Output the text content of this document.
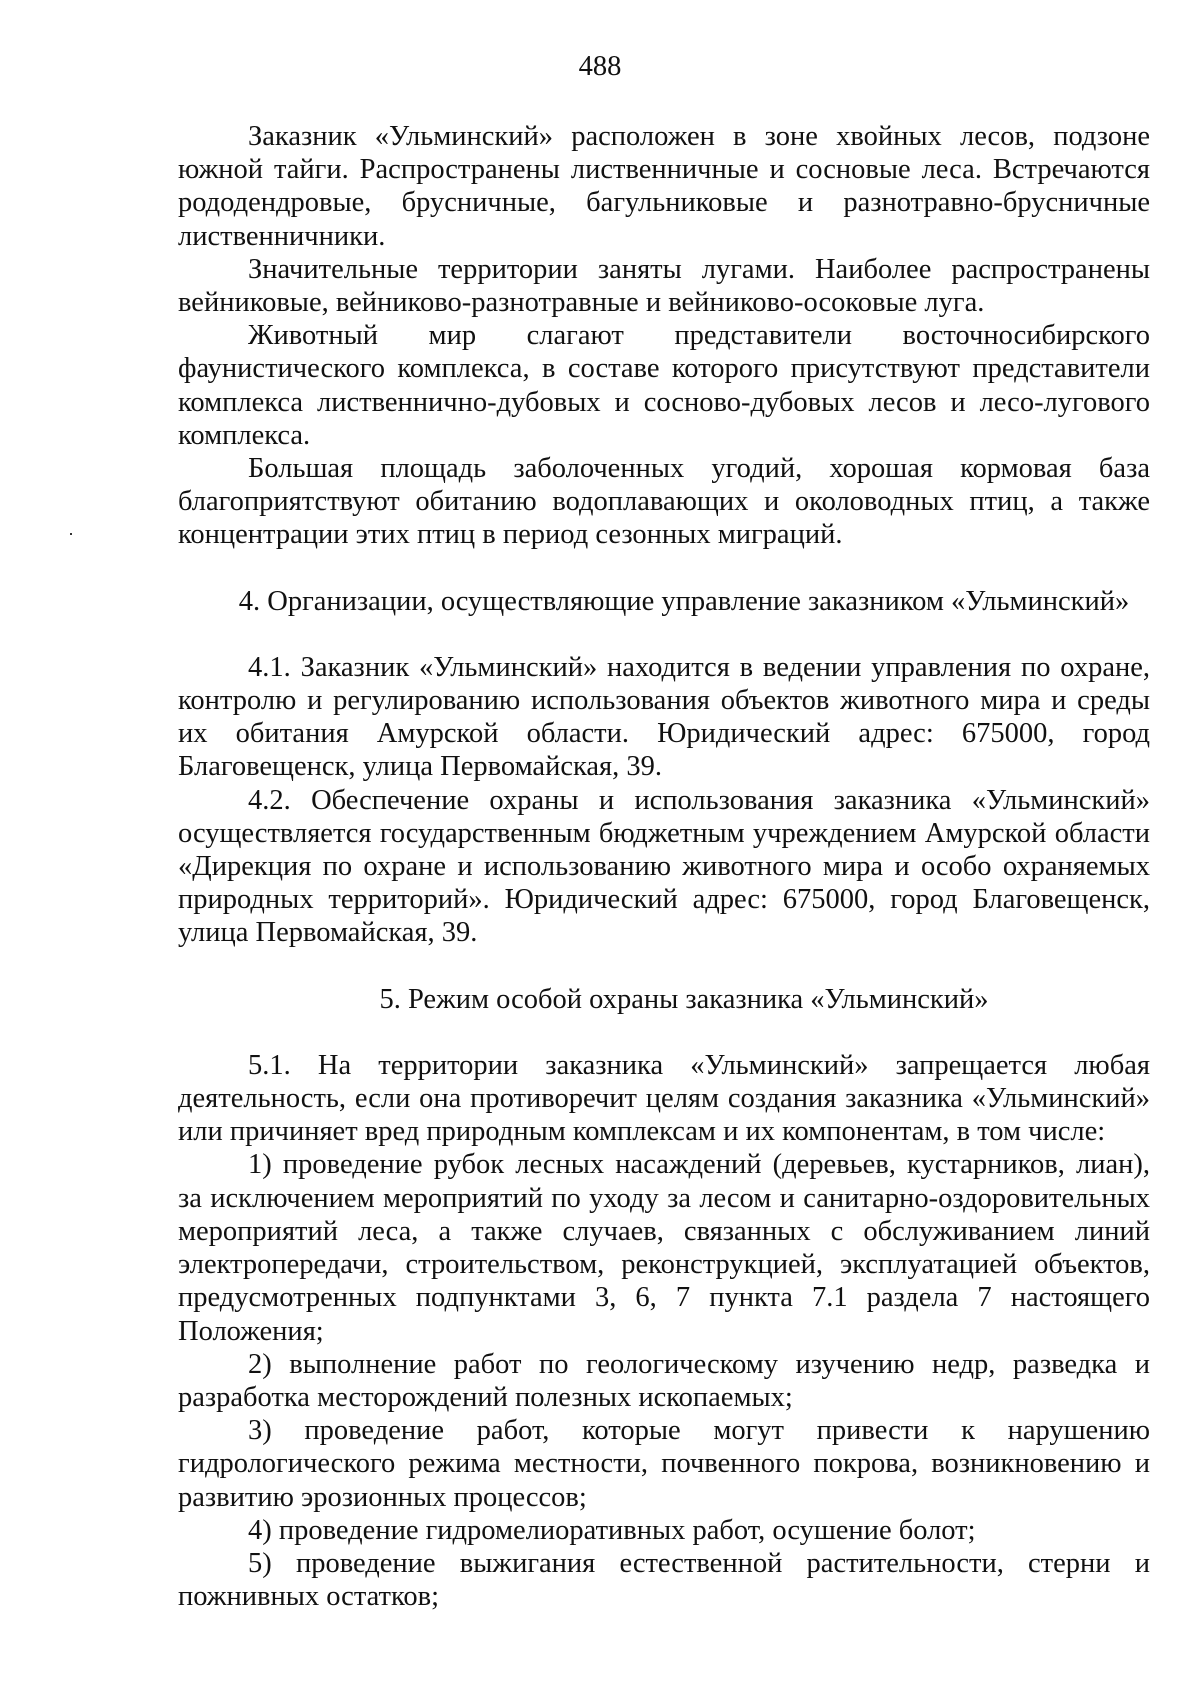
488

Заказник «Ульминский» расположен в зоне хвойных лесов, подзоне южной тайги. Распространены лиственничные и сосновые леса. Встречаются рододендровые, брусничные, багульниковые и разнотравно-брусничные лиственничники.

Значительные территории заняты лугами. Наиболее распространены вейниковые, вейниково-разнотравные и вейниково-осоковые луга.

Животный мир слагают представители восточносибирского фаунистического комплекса, в составе которого присутствуют представители комплекса лиственнично-дубовых и сосново-дубовых лесов и лесо-лугового комплекса.

Большая площадь заболоченных угодий, хорошая кормовая база благоприятствуют обитанию водоплавающих и околоводных птиц, а также концентрации этих птиц в период сезонных миграций.

4. Организации, осуществляющие управление заказником «Ульминский»

4.1. Заказник «Ульминский» находится в ведении управления по охране, контролю и регулированию использования объектов животного мира и среды их обитания Амурской области. Юридический адрес: 675000, город Благовещенск, улица Первомайская, 39.

4.2. Обеспечение охраны и использования заказника «Ульминский» осуществляется государственным бюджетным учреждением Амурской области «Дирекция по охране и использованию животного мира и особо охраняемых природных территорий». Юридический адрес: 675000, город Благовещенск, улица Первомайская, 39.

5. Режим особой охраны заказника «Ульминский»

5.1. На территории заказника «Ульминский» запрещается любая деятельность, если она противоречит целям создания заказника «Ульминский» или причиняет вред природным комплексам и их компонентам, в том числе:

1) проведение рубок лесных насаждений (деревьев, кустарников, лиан), за исключением мероприятий по уходу за лесом и санитарно-оздоровительных мероприятий леса, а также случаев, связанных с обслуживанием линий электропередачи, строительством, реконструкцией, эксплуатацией объектов, предусмотренных подпунктами 3, 6, 7 пункта 7.1 раздела 7 настоящего Положения;

2) выполнение работ по геологическому изучению недр, разведка и разработка месторождений полезных ископаемых;

3) проведение работ, которые могут привести к нарушению гидрологического режима местности, почвенного покрова, возникновению и развитию эрозионных процессов;

4) проведение гидромелиоративных работ, осушение болот;

5) проведение выжигания естественной растительности, стерни и пожнивных остатков;
